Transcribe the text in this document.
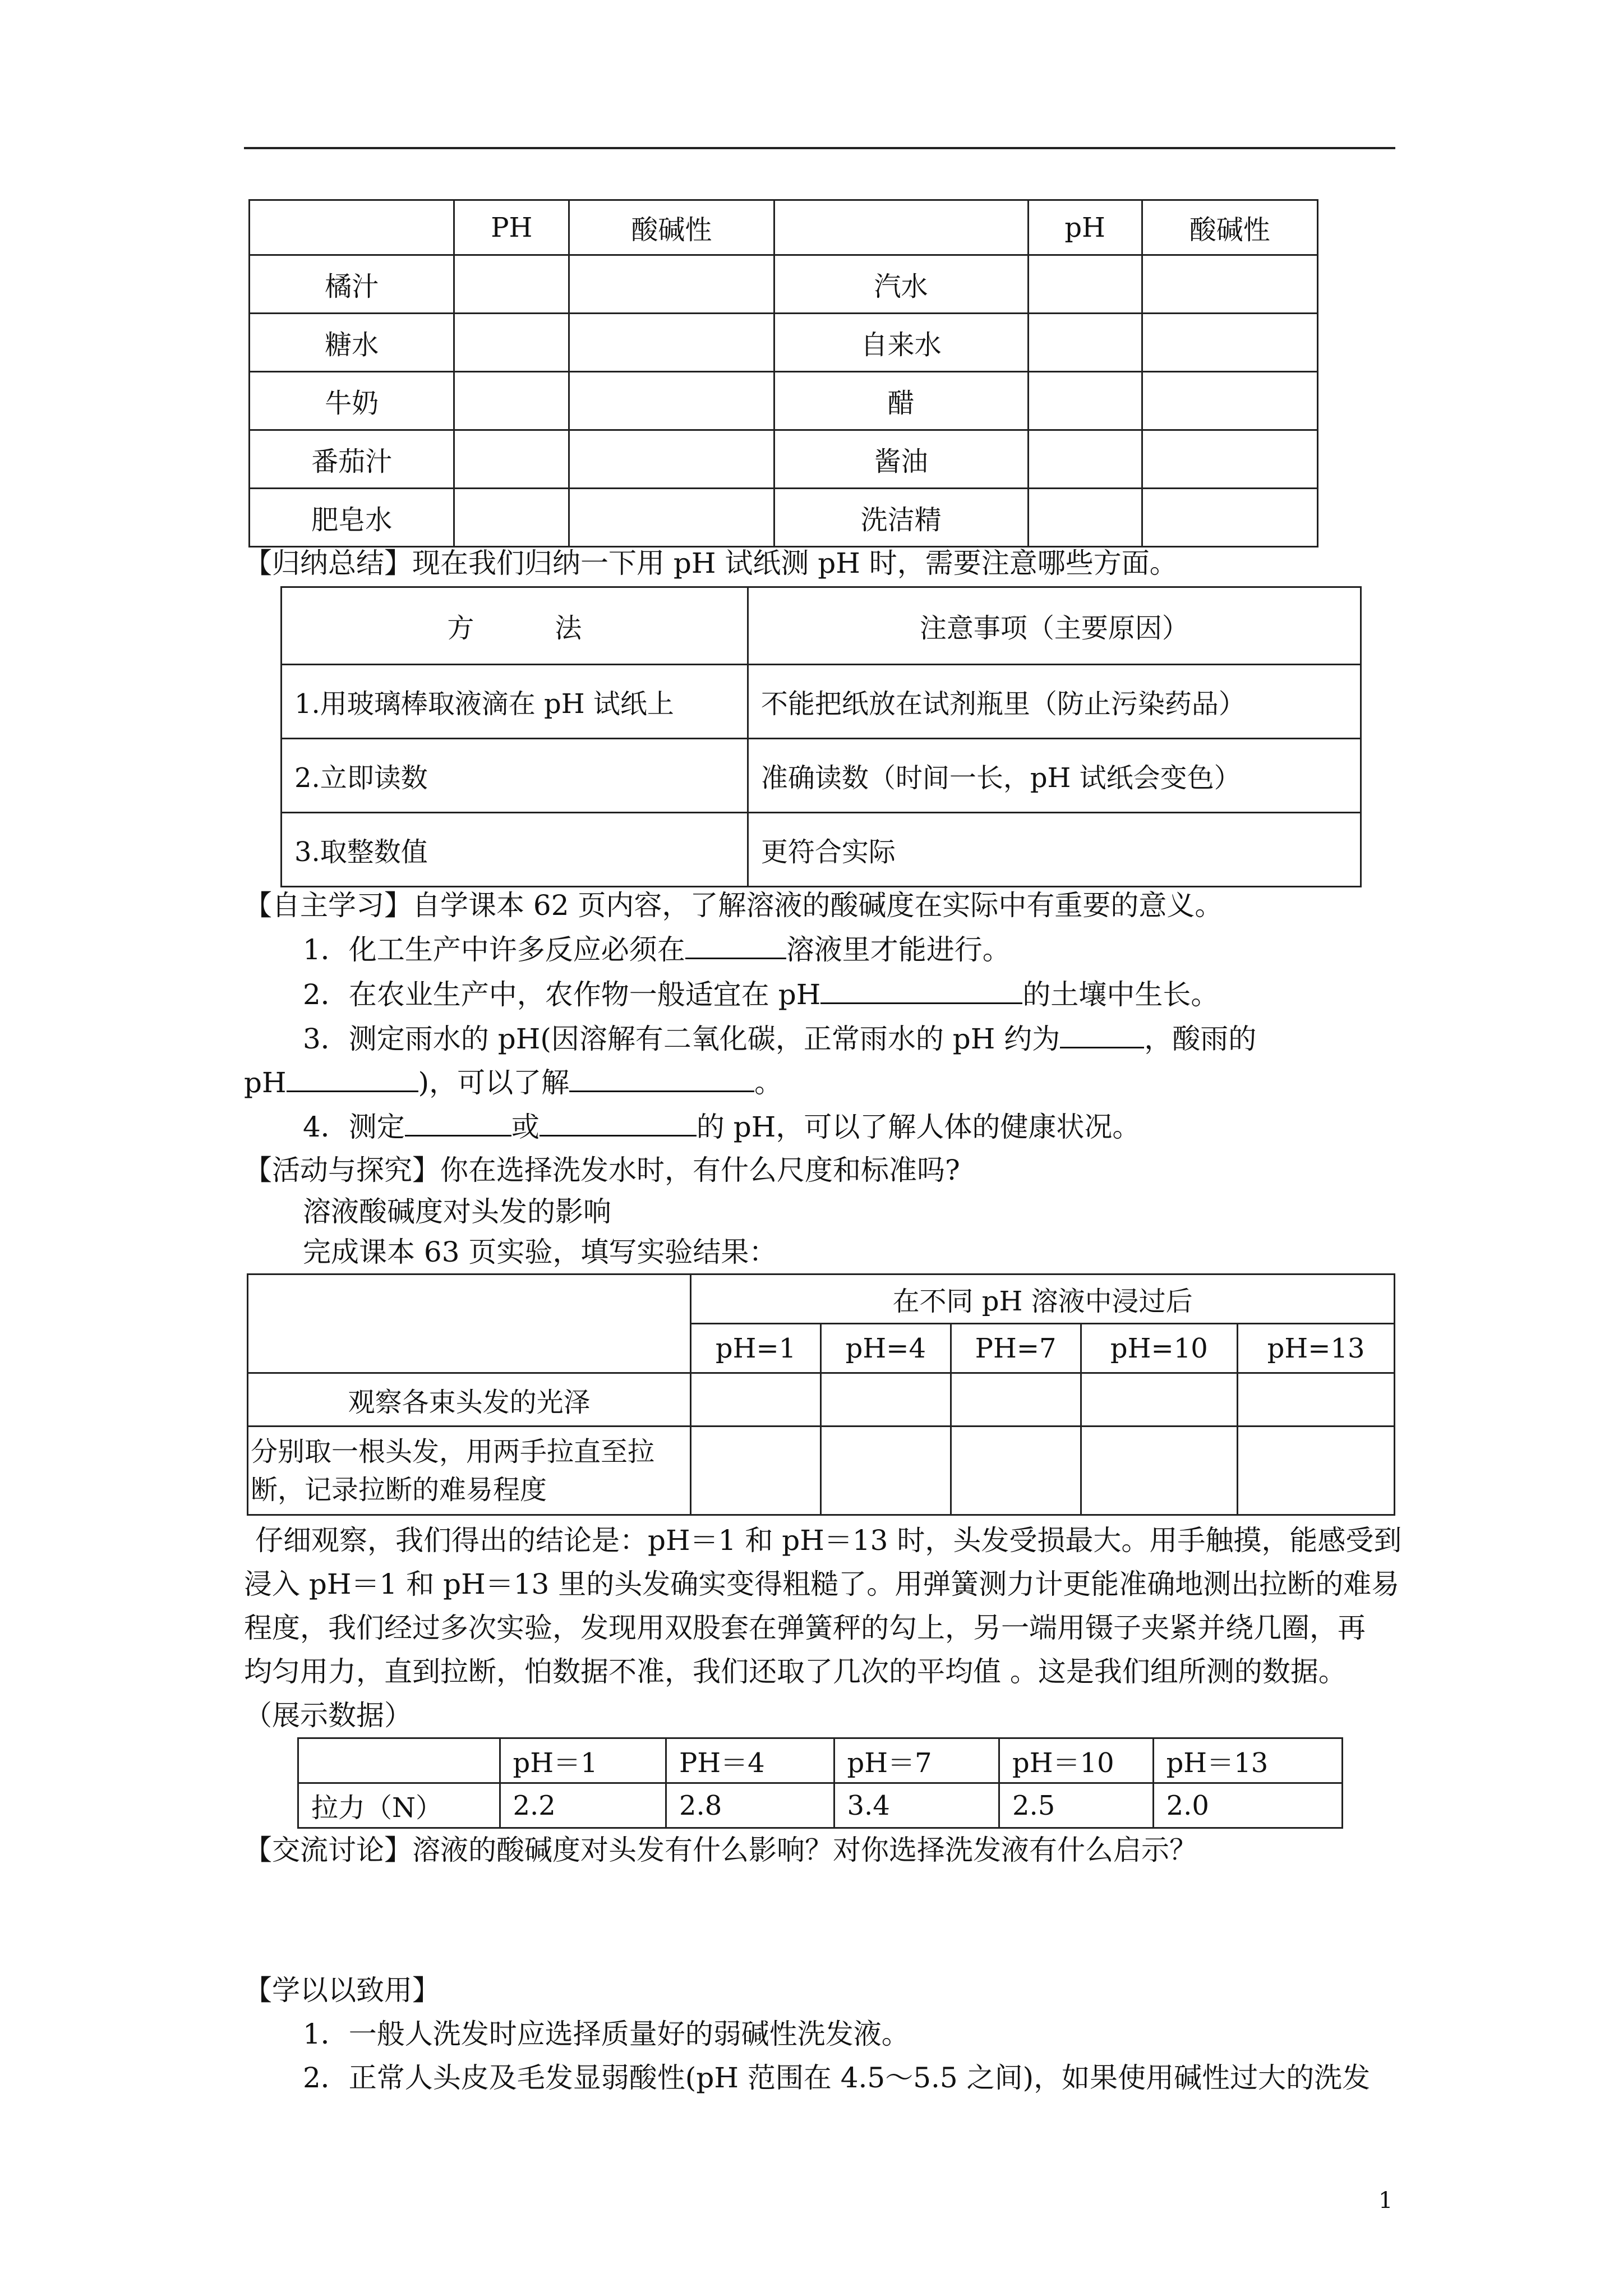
	PH	酸碱性		pH	酸碱性
橘汁			汽水		
糖水			自来水		
牛奶			醋		
番茄汁			酱油		
肥皂水			洗洁精		
【归纳总结】现在我们归纳一下用 pH 试纸测 pH 时，需要注意哪些方面。
方　　　法	注意事项（主要原因）
1.用玻璃棒取液滴在 pH 试纸上	不能把纸放在试剂瓶里（防止污染药品）
2.立即读数	准确读数（时间一长，pH 试纸会变色）
3.取整数值	更符合实际
【自主学习】自学课本 62 页内容，了解溶液的酸碱度在实际中有重要的意义。
1．化工生产中许多反应必须在	溶液里才能进行。
2．在农业生产中，农作物一般适宜在 pH	的土壤中生长。
3．测定雨水的 pH(因溶解有二氧化碳，正常雨水的 pH 约为	，酸雨的
pH	)，可以了解	。
4．测定	或	的 pH，可以了解人体的健康状况。
【活动与探究】你在选择洗发水时，有什么尺度和标准吗?
溶液酸碱度对头发的影响
完成课本 63 页实验，填写实验结果：
	在不同 pH 溶液中浸过后				
	pH=1	pH=4	PH=7	pH=10	pH=13
观察各束头发的光泽					

分别取一根头发，用两手拉直至拉
断，记录拉断的难易程度					

仔细观察，我们得出的结论是：pH＝1 和 pH＝13 时，头发受损最大。用手触摸，能感受到
浸入 pH＝1 和 pH＝13 里的头发确实变得粗糙了。用弹簧测力计更能准确地测出拉断的难易
程度，我们经过多次实验，发现用双股套在弹簧秤的勾上，另一端用镊子夹紧并绕几圈，再
均匀用力，直到拉断，怕数据不准，我们还取了几次的平均值 。这是我们组所测的数据。
（展示数据）
	pH＝1	PH＝4	pH＝7	pH＝10	pH＝13
拉力（N）	2.2	2.8	3.4	2.5	2.0
【交流讨论】溶液的酸碱度对头发有什么影响？对你选择洗发液有什么启示？
【学以以致用】
1．一般人洗发时应选择质量好的弱碱性洗发液。
2．正常人头皮及毛发显弱酸性(pH 范围在 4.5～5.5 之间)，如果使用碱性过大的洗发
1
